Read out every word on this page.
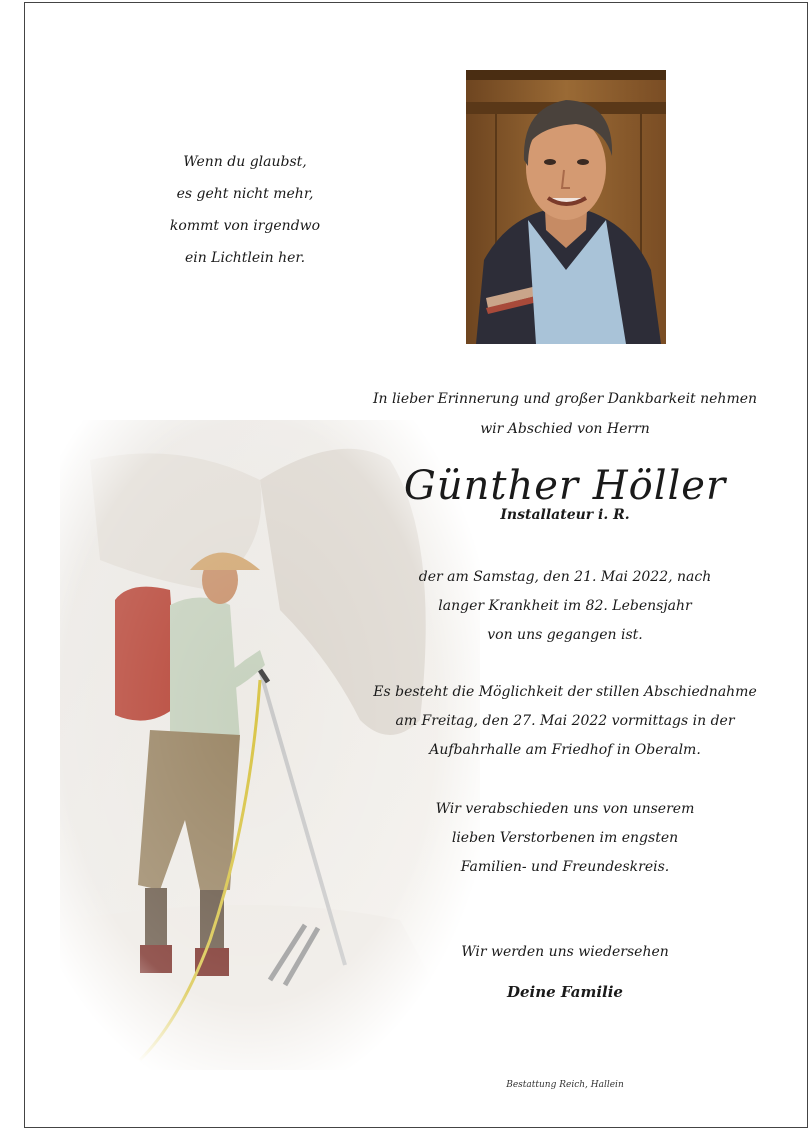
Wenn du glaubst,
es geht nicht mehr,
kommt von irgendwo
ein Lichtlein her.
In lieber Erinnerung und großer Dankbarkeit nehmen
wir Abschied von Herrn
Günther Höller
Installateur i. R.
der am Samstag, den 21. Mai 2022, nach
langer Krankheit im 82. Lebensjahr
von uns gegangen ist.
Es besteht die Möglichkeit der stillen Abschiednahme
am Freitag, den 27. Mai 2022 vormittags in der
Aufbahrhalle am Friedhof in Oberalm.
Wir verabschieden uns von unserem
lieben Verstorbenen im engsten
Familien- und Freundeskreis.
Wir werden uns wiedersehen
Deine Familie
Bestattung Reich, Hallein
